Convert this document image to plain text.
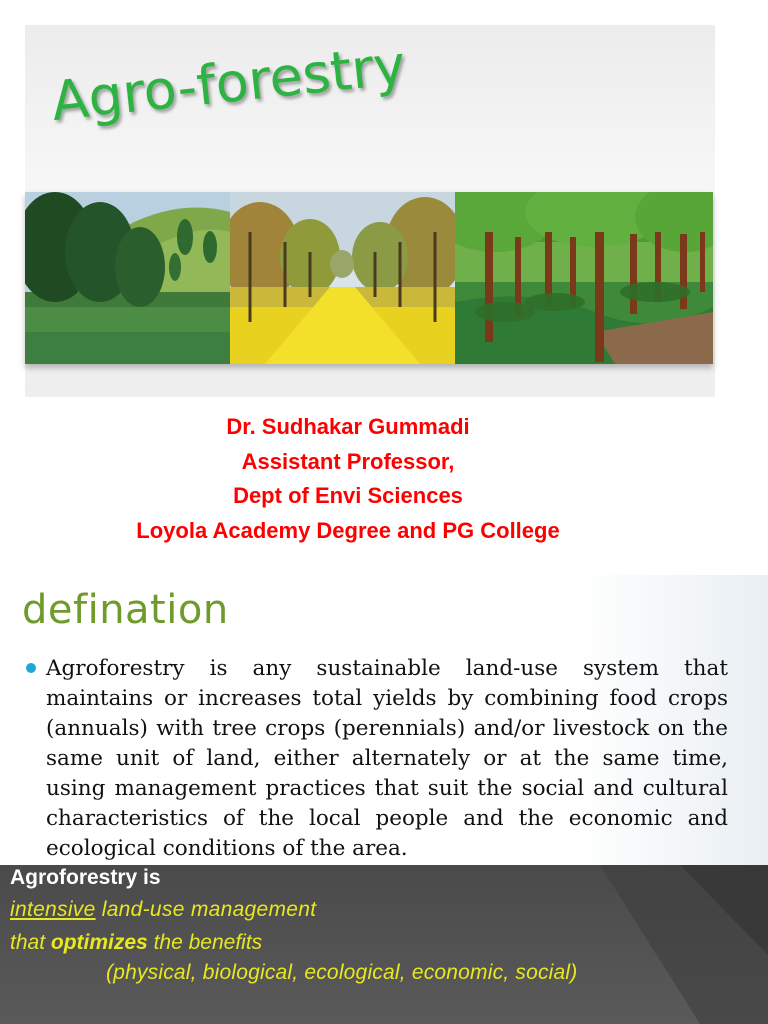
Agro-forestry
Dr. Sudhakar Gummadi
Assistant Professor,
Dept of Envi Sciences
Loyola Academy Degree and PG College
defination
Agroforestry is any sustainable land-use system that maintains or increases total yields by combining food crops (annuals) with tree crops (perennials) and/or livestock on the same unit of land, either alternately or at the same time, using management practices that suit the social and cultural characteristics of the local people and the economic and ecological conditions of the area.
Agroforestry is
intensive land-use management
that optimizes the benefits
(physical, biological, ecological, economic, social)
